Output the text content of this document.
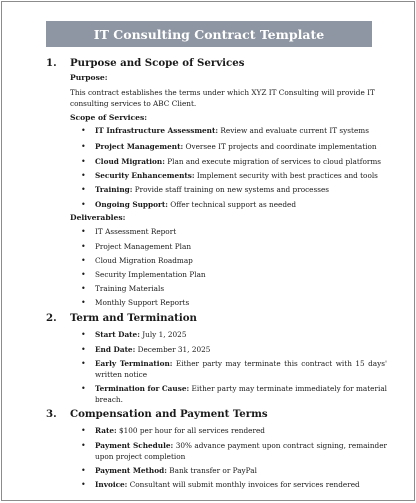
IT Consulting Contract Template
1. Purpose and Scope of Services
Purpose:
This contract establishes the terms under which XYZ IT Consulting will provide IT consulting services to ABC Client.
Scope of Services:
• IT Infrastructure Assessment: Review and evaluate current IT systems
• Project Management: Oversee IT projects and coordinate implementation
• Cloud Migration: Plan and execute migration of services to cloud platforms
• Security Enhancements: Implement security with best practices and tools
• Training: Provide staff training on new systems and processes
• Ongoing Support: Offer technical support as needed
Deliverables:
• IT Assessment Report
• Project Management Plan
• Cloud Migration Roadmap
• Security Implementation Plan
• Training Materials
• Monthly Support Reports
2. Term and Termination
• Start Date: July 1, 2025
• End Date: December 31, 2025
• Early Termination: Either party may terminate this contract with 15 days' written notice
• Termination for Cause: Either party may terminate immediately for material breach.
3. Compensation and Payment Terms
• Rate: $100 per hour for all services rendered
• Payment Schedule: 30% advance payment upon contract signing, remainder upon project completion
• Payment Method: Bank transfer or PayPal
• Invoice: Consultant will submit monthly invoices for services rendered
